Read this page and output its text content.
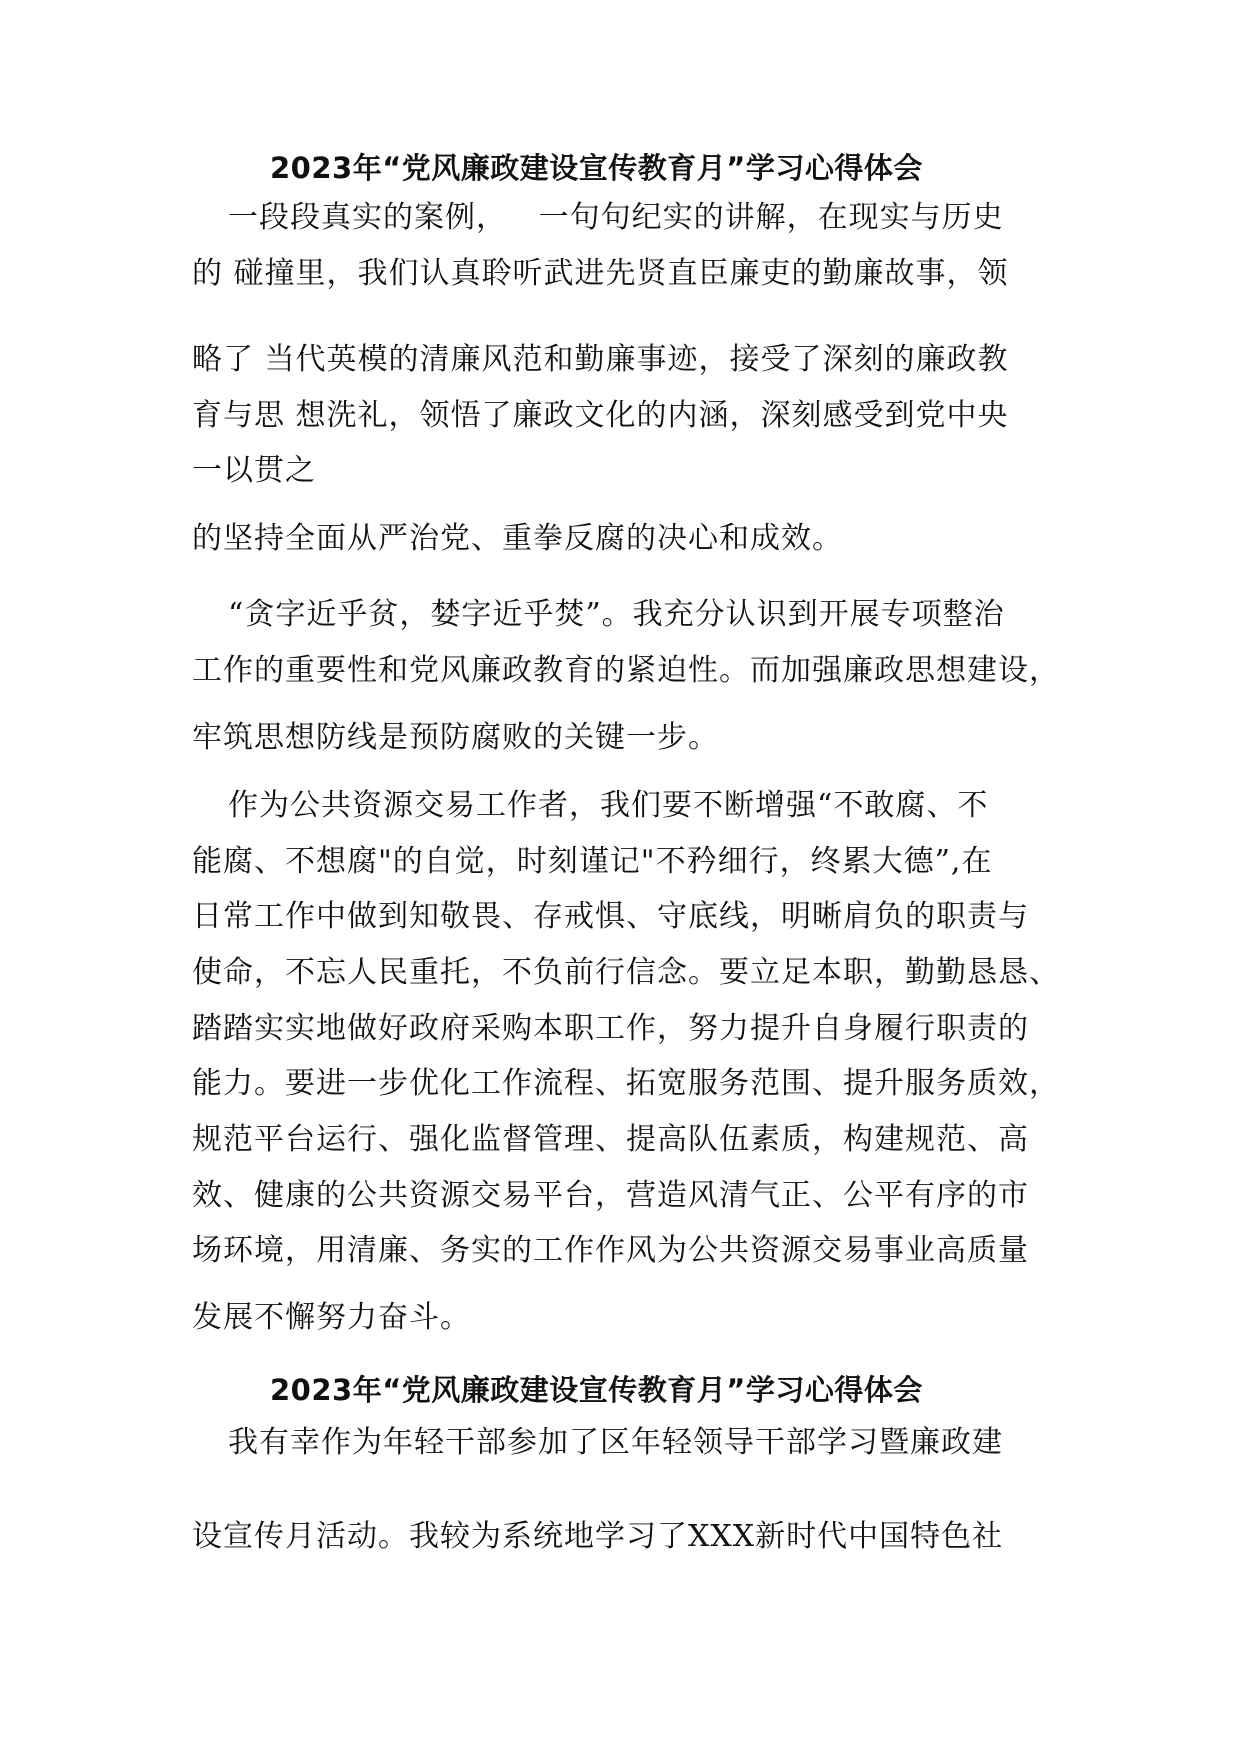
2023年“党风廉政建设宣传教育月”学习心得体会
一段段真实的案例，   一句句纪实的讲解，在现实与历史
的 碰撞里，我们认真聆听武进先贤直臣廉吏的勤廉故事，领
略了 当代英模的清廉风范和勤廉事迹，接受了深刻的廉政教
育与思 想洗礼，领悟了廉政文化的内涵，深刻感受到党中央
一以贯之
的坚持全面从严治党、重拳反腐的决心和成效。
“贪字近乎贫，婪字近乎焚”。我充分认识到开展专项整治
工作的重要性和党风廉政教育的紧迫性。而加强廉政思想建设，
牢筑思想防线是预防腐败的关键一步。
作为公共资源交易工作者，我们要不断增强“不敢腐、不
能腐、不想腐"的自觉，时刻谨记"不矜细行，终累大德”,在
日常工作中做到知敬畏、存戒惧、守底线，明晰肩负的职责与
使命，不忘人民重托，不负前行信念。要立足本职，勤勤恳恳、
踏踏实实地做好政府采购本职工作，努力提升自身履行职责的
能力。要进一步优化工作流程、拓宽服务范围、提升服务质效，
规范平台运行、强化监督管理、提高队伍素质，构建规范、高
效、健康的公共资源交易平台，营造风清气正、公平有序的市
场环境，用清廉、务实的工作作风为公共资源交易事业高质量
发展不懈努力奋斗。
2023年“党风廉政建设宣传教育月”学习心得体会
我有幸作为年轻干部参加了区年轻领导干部学习暨廉政建
设宣传月活动。我较为系统地学习了XXX新时代中国特色社
